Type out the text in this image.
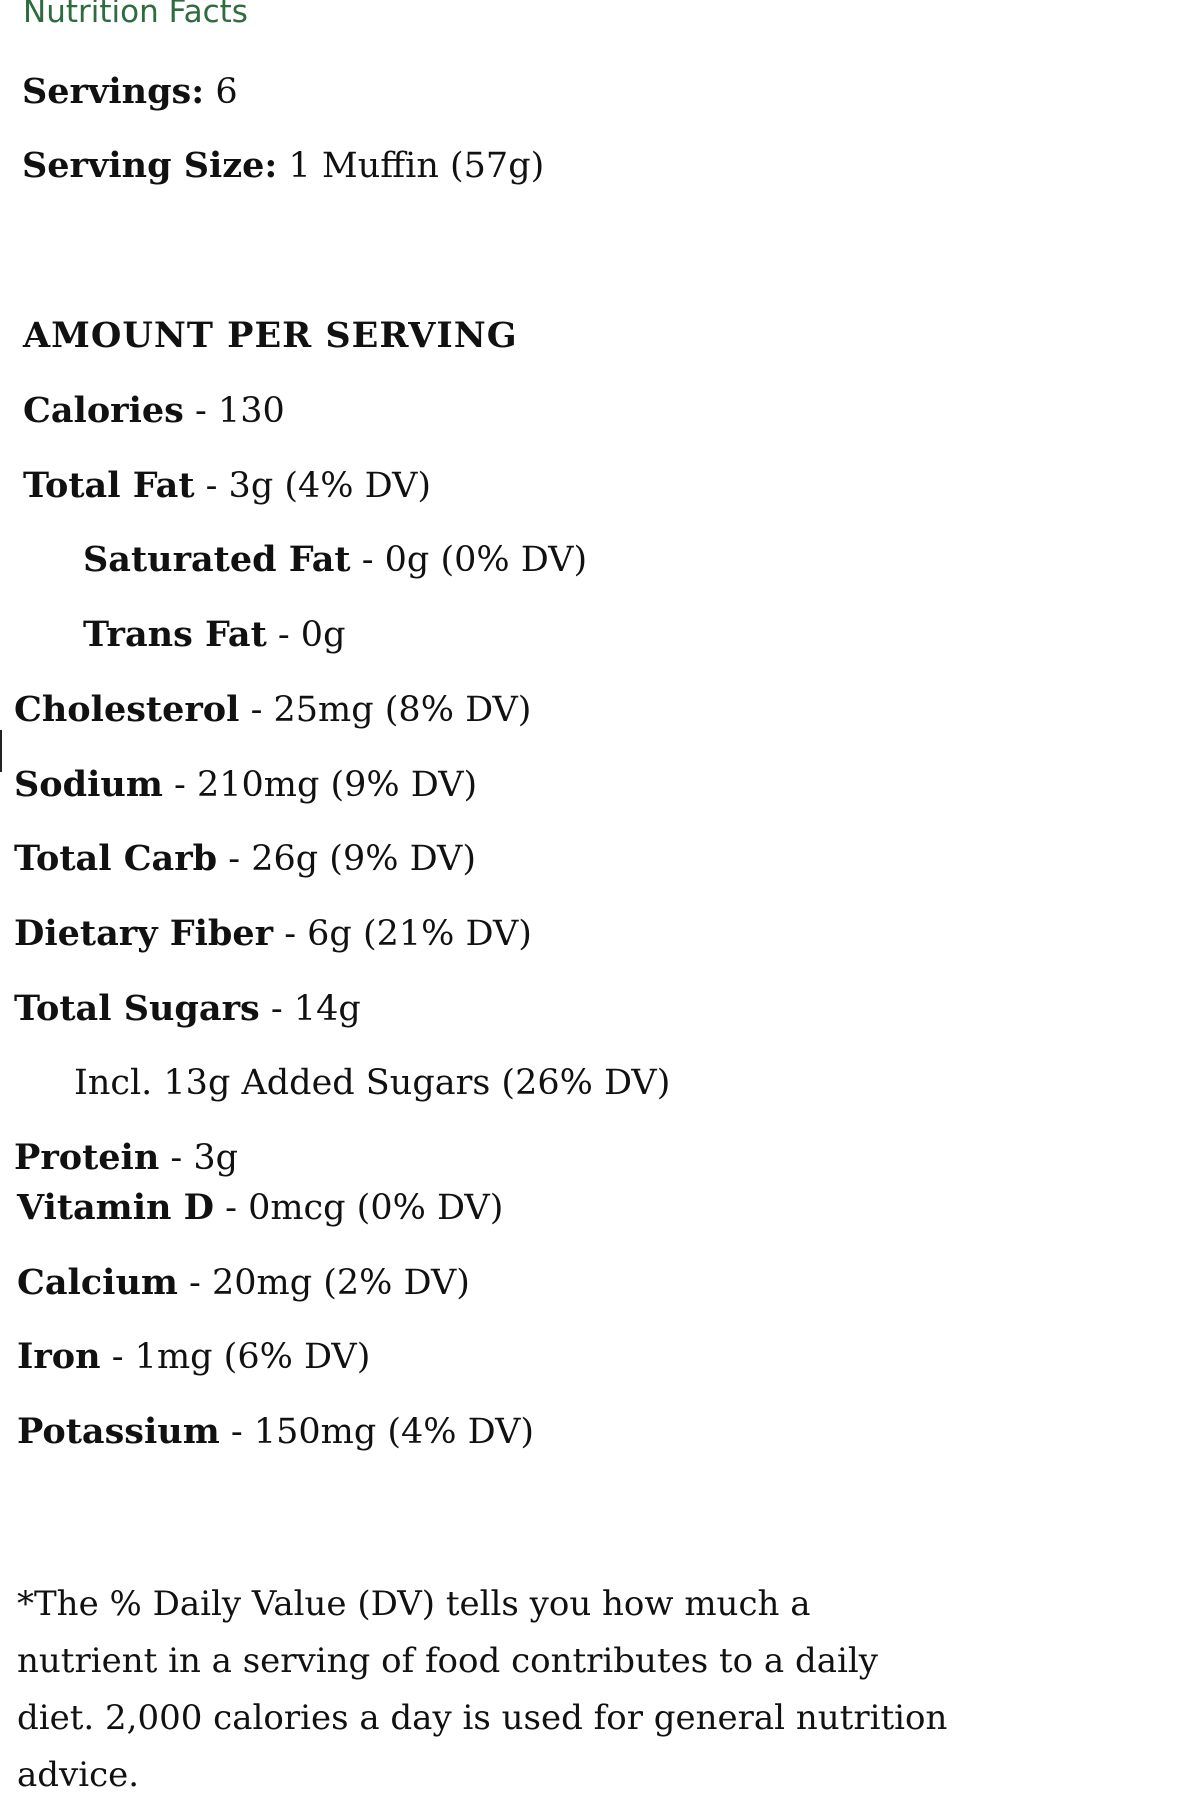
Nutrition Facts
Servings: 6
Serving Size: 1 Muffin (57g)
AMOUNT PER SERVING
Calories - 130
Total Fat - 3g (4% DV)
Saturated Fat - 0g (0% DV)
Trans Fat - 0g
Cholesterol - 25mg (8% DV)
Sodium - 210mg (9% DV)
Total Carb - 26g (9% DV)
Dietary Fiber - 6g (21% DV)
Total Sugars - 14g
Incl. 13g Added Sugars (26% DV)
Protein - 3g
Vitamin D - 0mcg (0% DV)
Calcium - 20mg (2% DV)
Iron - 1mg (6% DV)
Potassium - 150mg (4% DV)
*The % Daily Value (DV) tells you how much a nutrient in a serving of food contributes to a daily diet. 2,000 calories a day is used for general nutrition advice.
